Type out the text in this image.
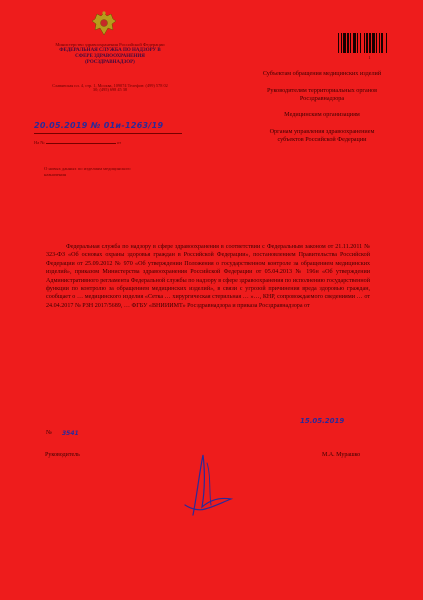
1
Министерство здравоохранения Российской Федерации
ФЕДЕРАЛЬНАЯ СЛУЖБА ПО НАДЗОРУ В СФЕРЕ ЗДРАВООХРАНЕНИЯ (РОСЗДРАВНАДЗОР)
Славянская пл. 4, стр. 1, Москва, 109074 Телефон: (499) 578 02 30; (495) 698 45 38
20.05.2019 № 01и-1263/19
На №	от
О новых данных по изделиям медицинского назначения
Субъектам обращения медицинских изделий
Руководителям территориальных органов Росздравнадзора
Медицинским организациям
Органам управления здравоохранением субъектов Российской Федерации
Федеральная служба по надзору в сфере здравоохранения в соответствии с Федеральным законом от 21.11.2011 № 323-ФЗ «Об основах охраны здоровья граждан в Российской Федерации», постановлением Правительства Российской Федерации от 25.09.2012 № 970 «Об утверждении Положения о государственном контроле за обращением медицинских изделий», приказом Министерства здравоохранения Российской Федерации от 05.04.2013 № 196н «Об утверждении Административного регламента Федеральной службы по надзору в сфере здравоохранения по исполнению государственной функции по контролю за обращением медицинских изделий», в связи с угрозой причинения вреда здоровью граждан, сообщает о … медицинского изделия «Сетка … хирургическая стерильная … »…, КНР, сопровождаемого сведениями … от 24.04.2017 № РЗН 2017/5689, … ФГБУ «ВНИИИМТ» Росздравнадзора и приказа Росздравнадзора от
15.05.2019
№ 3541
Руководитель	М.А. Мурашко
